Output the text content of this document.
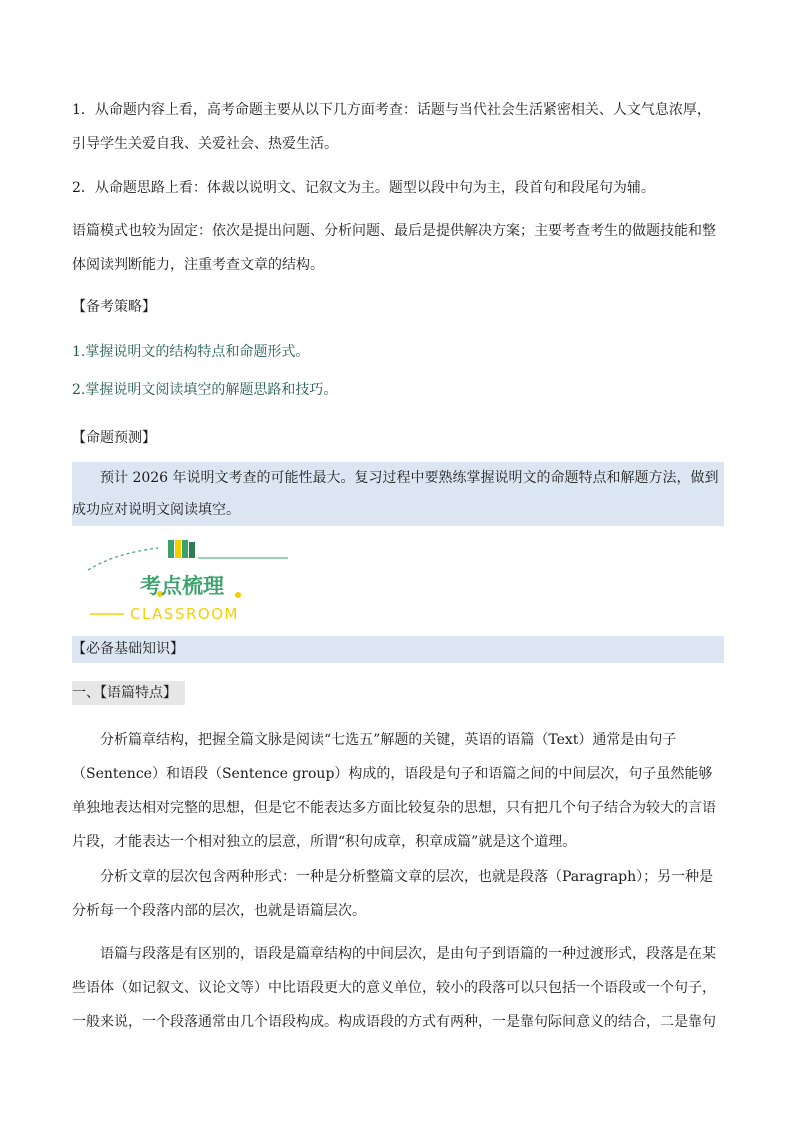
1．从命题内容上看，高考命题主要从以下几方面考查：话题与当代社会生活紧密相关、人文气息浓厚，引导学生关爱自我、关爱社会、热爱生活。

2．从命题思路上看：体裁以说明文、记叙文为主。题型以段中句为主，段首句和段尾句为辅。

语篇模式也较为固定：依次是提出问题、分析问题、最后是提供解决方案；主要考查考生的做题技能和整体阅读判断能力，注重考查文章的结构。

【备考策略】

1.掌握说明文的结构特点和命题形式。

2.掌握说明文阅读填空的解题思路和技巧。

【命题预测】

预计 2026 年说明文考查的可能性最大。复习过程中要熟练掌握说明文的命题特点和解题方法，做到成功应对说明文阅读填空。

【必备基础知识】
一、【语篇特点】

分析篇章结构，把握全篇文脉是阅读“七选五”解题的关键，英语的语篇（Text）通常是由句子（Sentence）和语段（Sentence group）构成的，语段是句子和语篇之间的中间层次，句子虽然能够单独地表达相对完整的思想，但是它不能表达多方面比较复杂的思想，只有把几个句子结合为较大的言语片段，才能表达一个相对独立的层意，所谓“积句成章，积章成篇”就是这个道理。

分析文章的层次包含两种形式：一种是分析整篇文章的层次，也就是段落（Paragraph）；另一种是分析每一个段落内部的层次，也就是语篇层次。

语篇与段落是有区别的，语段是篇章结构的中间层次，是由句子到语篇的一种过渡形式，段落是在某些语体（如记叙文、议论文等）中比语段更大的意义单位，较小的段落可以只包括一个语段或一个句子，一般来说，一个段落通常由几个语段构成。构成语段的方式有两种，一是靠句际间意义的结合，二是靠句

考点梳理
CLASSROOM
